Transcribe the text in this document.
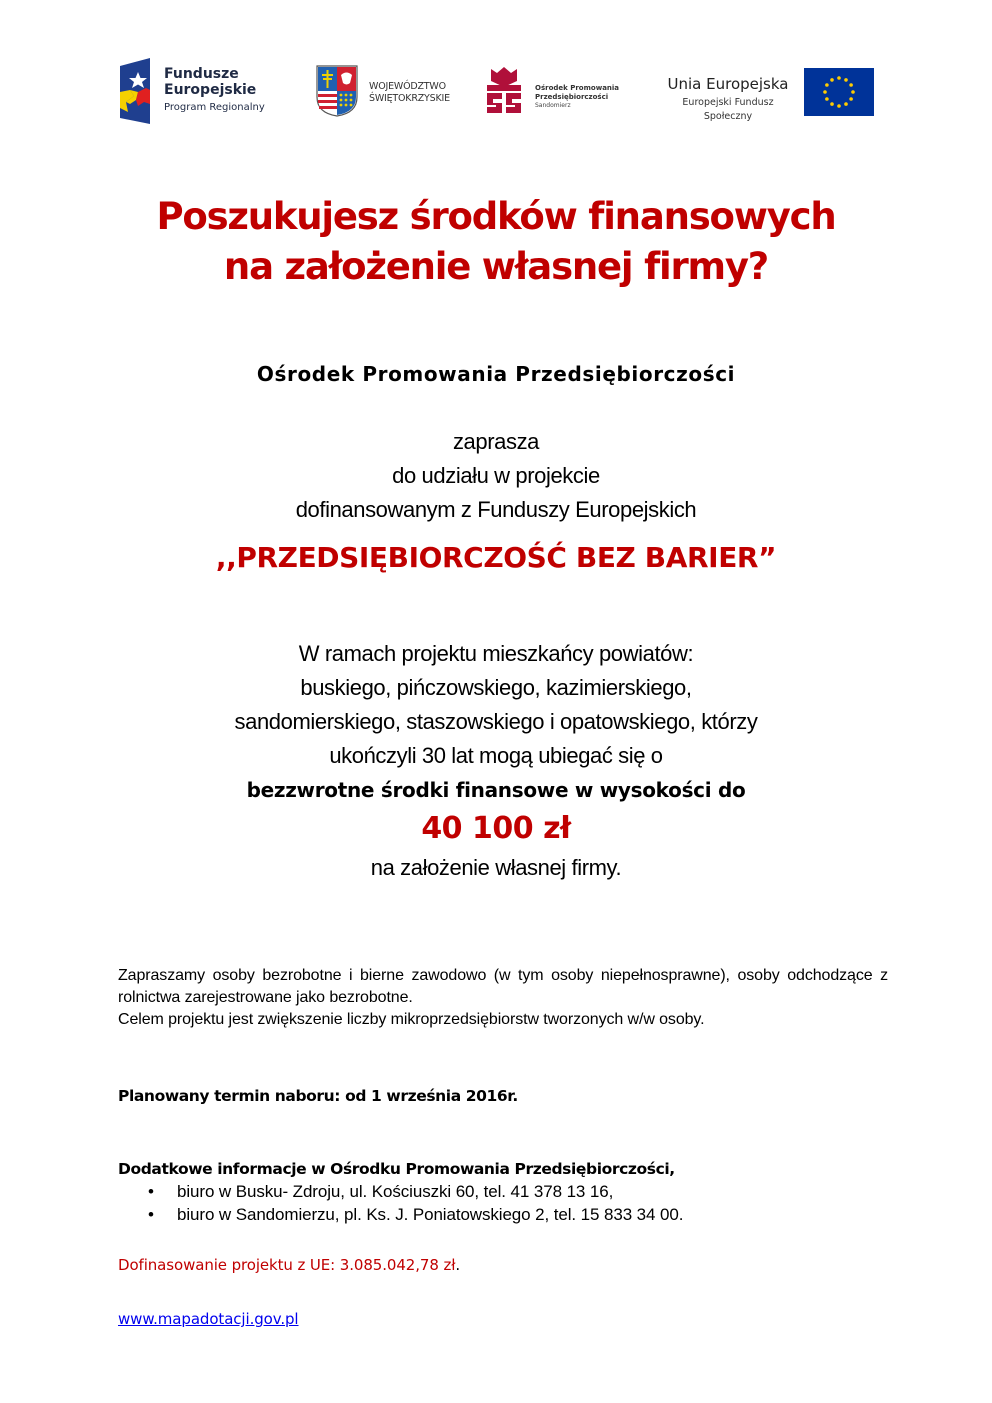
Fundusze
Europejskie
Program Regionalny
WOJEWÓDZTWO
ŚWIĘTOKRZYSKIE
Ośrodek Promowania
Przedsiębiorczości
Sandomierz
Unia Europejska
Europejski Fundusz Społeczny
Poszukujesz środków finansowych
na założenie własnej firmy?
Ośrodek Promowania Przedsiębiorczości
zaprasza
do udziału w projekcie
dofinansowanym z Funduszy Europejskich
,,PRZEDSIĘBIORCZOŚĆ BEZ BARIER”
W ramach projektu mieszkańcy powiatów:
buskiego, pińczowskiego, kazimierskiego,
sandomierskiego, staszowskiego i opatowskiego, którzy
ukończyli 30 lat mogą ubiegać się o
bezzwrotne środki finansowe w wysokości do
40 100 zł
na założenie własnej firmy.
Zapraszamy osoby bezrobotne i bierne zawodowo (w tym osoby niepełnosprawne), osoby odchodzące z rolnictwa zarejestrowane jako bezrobotne.
Celem projektu jest zwiększenie liczby mikroprzedsiębiorstw tworzonych w/w osoby.
Planowany termin naboru: od 1 września 2016r.
Dodatkowe informacje w Ośrodku Promowania Przedsiębiorczości,
• biuro w Busku- Zdroju, ul. Kościuszki 60, tel. 41 378 13 16,
• biuro w Sandomierzu, pl. Ks. J. Poniatowskiego 2, tel. 15 833 34 00.
Dofinasowanie projektu z UE: 3.085.042,78 zł.
www.mapadotacji.gov.pl
